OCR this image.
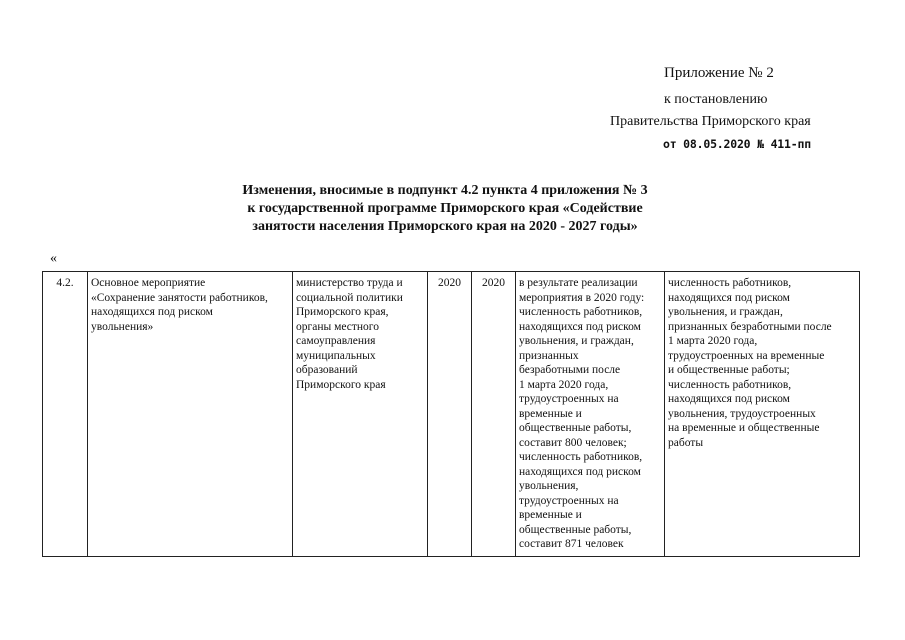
Приложение № 2
к постановлению
Правительства Приморского края
от 08.05.2020 № 411-пп
Изменения, вносимые в подпункт 4.2 пункта 4 приложения № 3
к государственной программе Приморского края «Содействие
занятости населения Приморского края на 2020 - 2027 годы»
«
4.2.	Основное мероприятие
«Сохранение занятости работников,
находящихся под риском
увольнения»	министерство труда и
социальной политики
Приморского края,
органы местного
самоуправления
муниципальных
образований
Приморского края	2020	2020	в результате реализации
мероприятия в 2020 году:
численность работников,
находящихся под риском
увольнения, и граждан,
признанных
безработными после
1 марта 2020 года,
трудоустроенных на
временные и
общественные работы,
составит 800 человек;
численность работников,
находящихся под риском
увольнения,
трудоустроенных на
временные и
общественные работы,
составит 871 человек	численность работников,
находящихся под риском
увольнения, и граждан,
признанных безработными после
1 марта 2020 года,
трудоустроенных на временные
и общественные работы;
численность работников,
находящихся под риском
увольнения, трудоустроенных
на временные и общественные
работы
